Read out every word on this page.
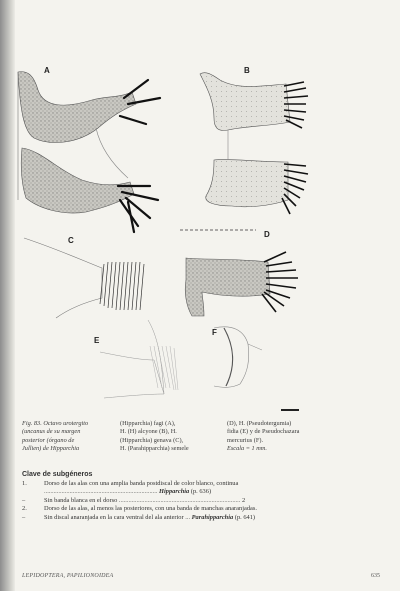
A	B
C
D
E
F
Fig. 83. Octavo urotergito
(uncanus de su margen
posterior (órgano de
Jullien) de Hipparchia
(Hipparchia) fagi (A),
H. (H) alcyone (B), H.
(Hipparchia) genava (C),
H. (Parahipparchia) semele
(D), H. (Pseudotergumia)
fidia (E) y de Pseudochazara
mercurius (F).
Escala = 1 mm.
Clave de subgéneros
1.	Dorso de las alas con una amplia banda postdiscal de color blanco, continua
....................................................................... Hipparchia (p. 636)
–	Sin banda blanca en el dorso ............................................................................ 2
2.	Dorso de las alas, al menos las posteriores, con una banda de manchas anaranjadas.
–	Sin discal anaranjada en la cara ventral del ala anterior ... Parahipparchia (p. 641)
LEPIDOPTERA, PAPILIONOIDEA	635
